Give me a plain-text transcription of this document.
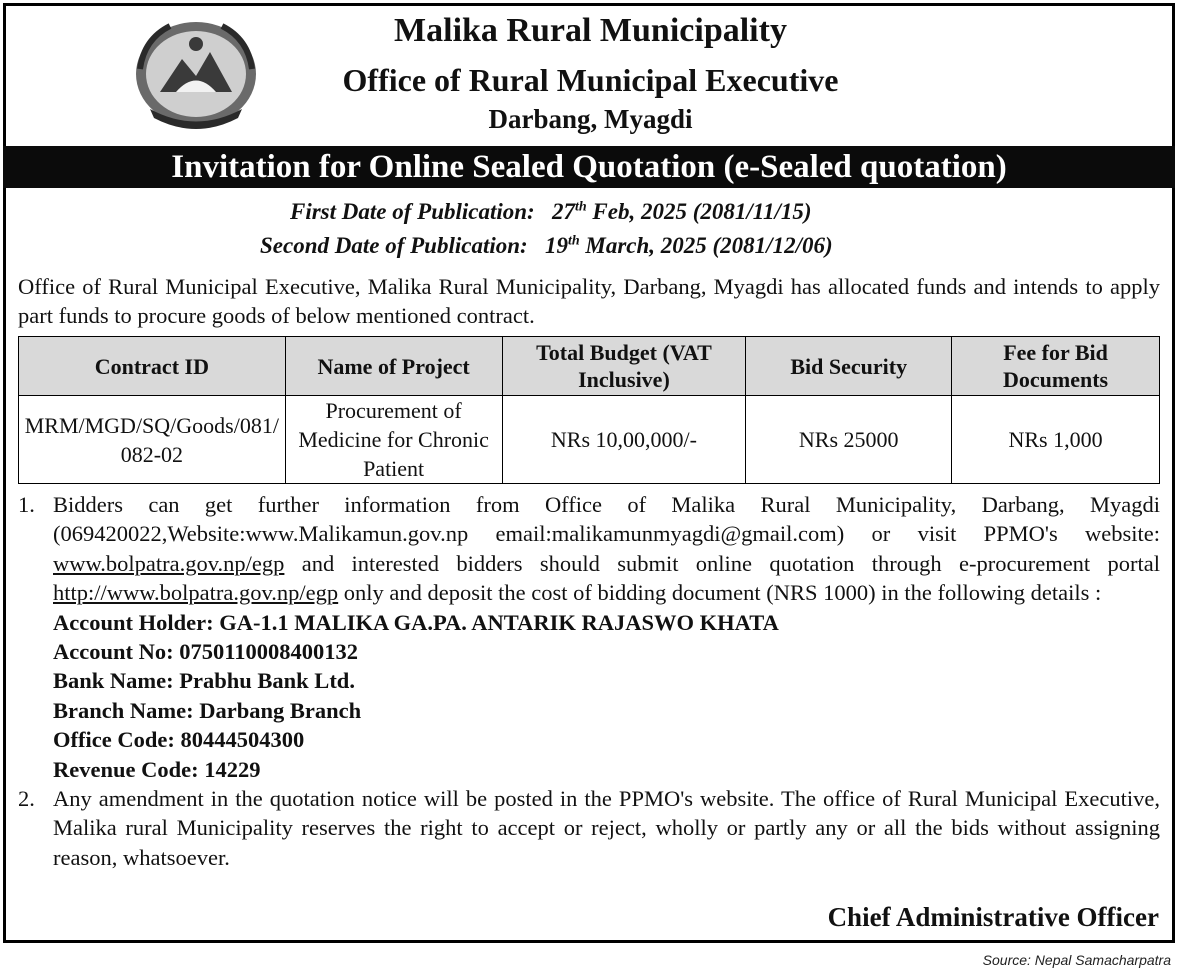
Malika Rural Municipality
Office of Rural Municipal Executive
Darbang, Myagdi
Invitation for Online Sealed Quotation (e-Sealed quotation)
First Date of Publication: 27th Feb, 2025 (2081/11/15)
Second Date of Publication: 19th March, 2025 (2081/12/06)
Office of Rural Municipal Executive, Malika Rural Municipality, Darbang, Myagdi has allocated funds and intends to apply part funds to procure goods of below mentioned contract.
Contract ID	Name of Project	Total Budget (VAT Inclusive)	Bid Security	Fee for Bid Documents
MRM/MGD/SQ/Goods/081/082-02	Procurement of Medicine for Chronic Patient	NRs 10,00,000/-	NRs 25000	NRs 1,000
1. Bidders can get further information from Office of Malika Rural Municipality, Darbang, Myagdi (069420022,Website:www.Malikamun.gov.np email:malikamunmyagdi@gmail.com) or visit PPMO's website: www.bolpatra.gov.np/egp and interested bidders should submit online quotation through e-procurement portal http://www.bolpatra.gov.np/egp only and deposit the cost of bidding document (NRS 1000) in the following details :
Account Holder: GA-1.1 MALIKA GA.PA. ANTARIK RAJASWO KHATA
Account No: 0750110008400132
Bank Name: Prabhu Bank Ltd.
Branch Name: Darbang Branch
Office Code: 80444504300
Revenue Code: 14229
2. Any amendment in the quotation notice will be posted in the PPMO's website. The office of Rural Municipal Executive, Malika rural Municipality reserves the right to accept or reject, wholly or partly any or all the bids without assigning reason, whatsoever.
Chief Administrative Officer
Source: Nepal Samacharpatra
